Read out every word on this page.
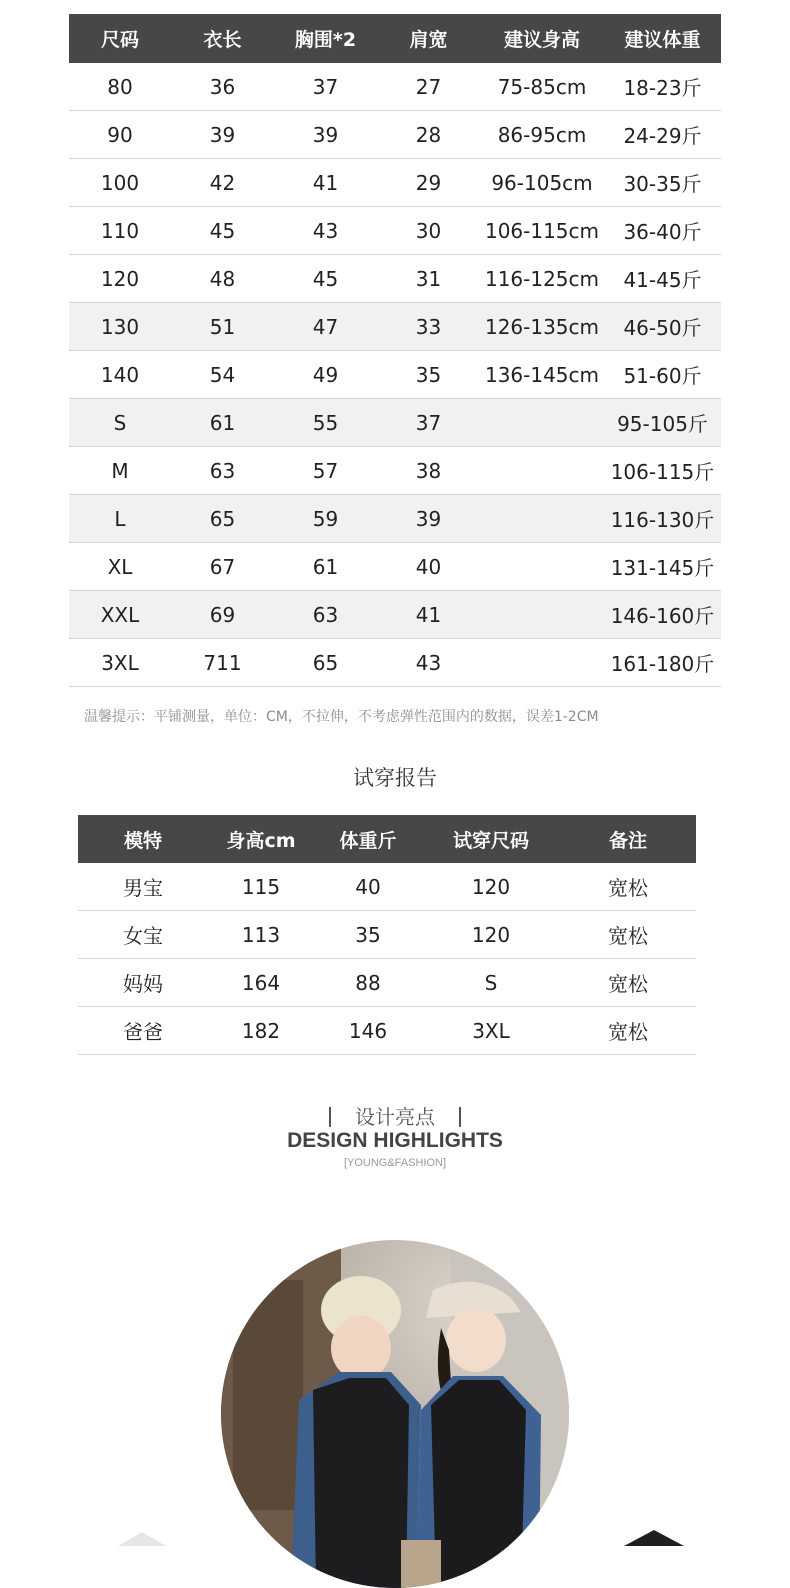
尺码	衣长	胸围*2	肩宽	建议身高	建议体重
80	36	37	27	75-85cm	18-23斤
90	39	39	28	86-95cm	24-29斤
100	42	41	29	96-105cm	30-35斤
110	45	43	30	106-115cm	36-40斤
120	48	45	31	116-125cm	41-45斤
130	51	47	33	126-135cm	46-50斤
140	54	49	35	136-145cm	51-60斤
S	61	55	37		95-105斤
M	63	57	38		106-115斤
L	65	59	39		116-130斤
XL	67	61	40		131-145斤
XXL	69	63	41		146-160斤
3XL	711	65	43		161-180斤
温馨提示：平铺测量，单位：CM，不拉伸，不考虑弹性范围内的数据，误差1-2CM
试穿报告
模特	身高cm	体重斤	试穿尺码	备注
男宝	115	40	120	宽松
女宝	113	35	120	宽松
妈妈	164	88	S	宽松
爸爸	182	146	3XL	宽松
设计亮点
DESIGN HIGHLIGHTS
[YOUNG&FASHION]
